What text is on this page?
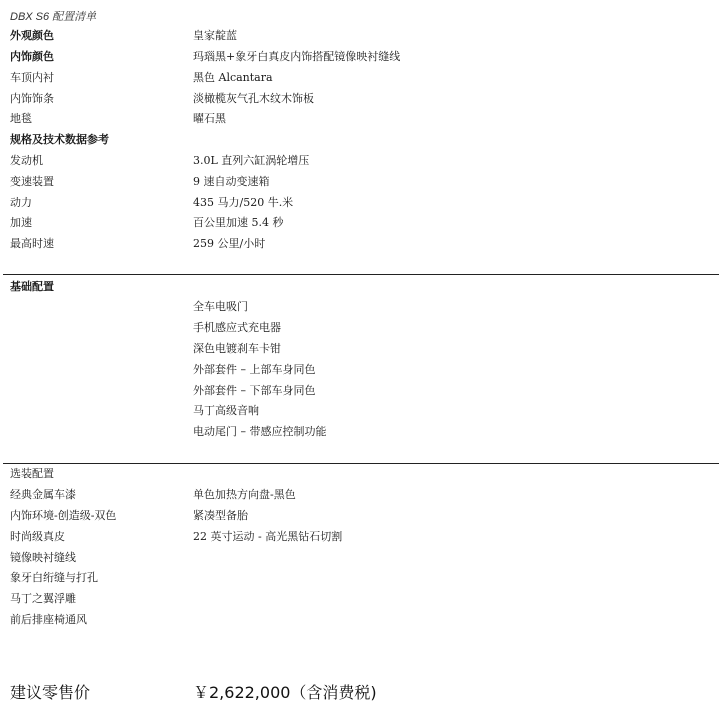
DBX S6 配置清单
外观颜色	皇家靛蓝
内饰颜色	玛瑙黑+象牙白真皮内饰搭配镜像映衬缝线
车顶内衬	黑色 Alcantara
内饰饰条	淡橄榄灰气孔木纹木饰板
地毯	曜石黑
规格及技术数据参考
发动机	3.0L 直列六缸涡轮增压
变速装置	9 速自动变速箱
动力	435 马力/520 牛.米
加速	百公里加速 5.4 秒
最高时速	259 公里/小时
基础配置
全车电吸门
手机感应式充电器
深色电镀刹车卡钳
外部套件 – 上部车身同色
外部套件 – 下部车身同色
马丁高级音响
电动尾门 – 带感应控制功能
选装配置
经典金属车漆	单色加热方向盘-黑色
内饰环境-创造级-双色	紧凑型备胎
时尚级真皮	22 英寸运动 - 高光黑钻石切割
镜像映衬缝线
象牙白绗缝与打孔
马丁之翼浮雕
前后排座椅通风
建议零售价	￥2,622,000（含消费税)
